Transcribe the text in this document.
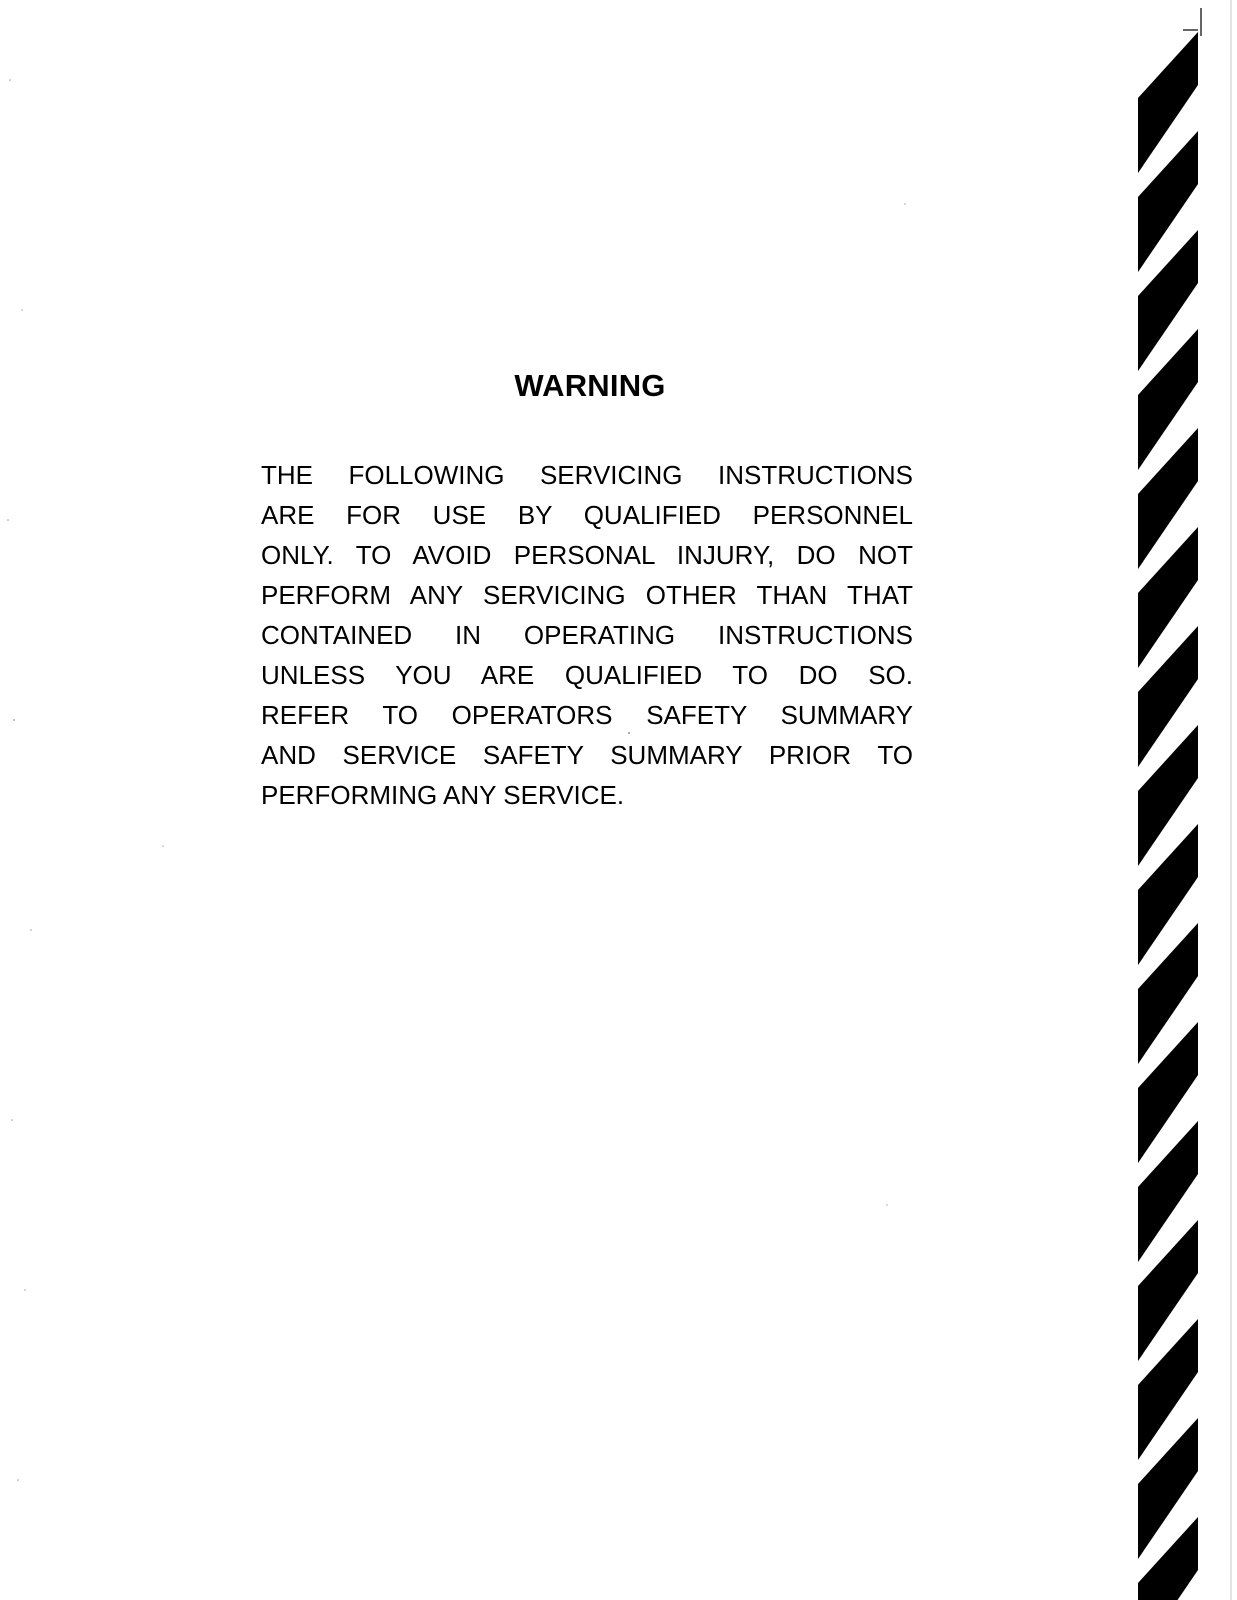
WARNING
THE FOLLOWING SERVICING INSTRUCTIONS
ARE FOR USE BY QUALIFIED PERSONNEL
ONLY. TO AVOID PERSONAL INJURY, DO NOT
PERFORM ANY SERVICING OTHER THAN THAT
CONTAINED IN OPERATING INSTRUCTIONS
UNLESS YOU ARE QUALIFIED TO DO SO.
REFER TO OPERATORS SAFETY SUMMARY
AND SERVICE SAFETY SUMMARY PRIOR TO
PERFORMING ANY SERVICE.
